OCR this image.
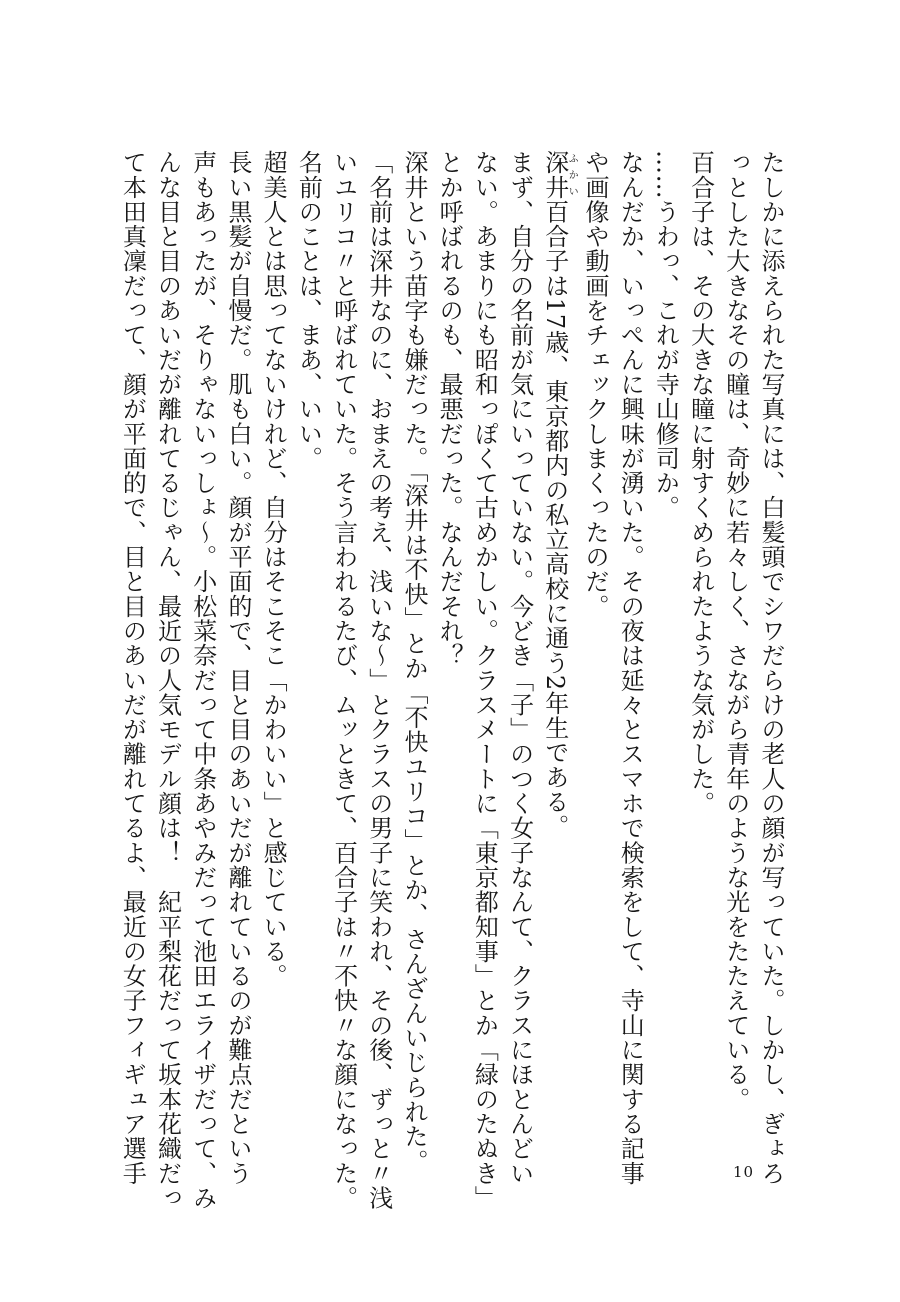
たしかに添えられた写真には、白髪頭でシワだらけの老人の顔が写っていた。しかし、ぎょろ
っとした大きなその瞳は、奇妙に若々しく、さながら青年のような光をたたえている。
百合子は、その大きな瞳に射すくめられたような気がした。
……うわっ、これが寺山修司か。
なんだか、いっぺんに興味が湧いた。その夜は延々とスマホで検索をして、寺山に関する記事
や画像や動画をチェックしまくったのだ。
深井ふかい百合子は17歳、東京都内の私立高校に通う2年生である。
まず、自分の名前が気にいっていない。今どき「子」のつく女子なんて、クラスにほとんどい
ない。あまりにも昭和っぽくて古めかしい。クラスメートに「東京都知事」とか「緑のたぬき」
とか呼ばれるのも、最悪だった。なんだそれ？
深井という苗字も嫌だった。「深井は不快」とか「不快ユリコ」とか、さんざんいじられた。
「名前は深井なのに、おまえの考え、浅いな〜」とクラスの男子に笑われ、その後、ずっと〃浅
いユリコ〃と呼ばれていた。そう言われるたび、ムッときて、百合子は〃不快〃な顔になった。
名前のことは、まあ、いい。
超美人とは思ってないけれど、自分はそこそこ「かわいい」と感じている。
長い黒髪が自慢だ。肌も白い。顔が平面的で、目と目のあいだが離れているのが難点だという
声もあったが、そりゃないっしょ〜。小松菜奈だって中条あやみだって池田エライザだって、み
んな目と目のあいだが離れてるじゃん、最近の人気モデル顔は！　紀平梨花だって坂本花織だっ
て本田真凜だって、顔が平面的で、目と目のあいだが離れてるよ、最近の女子フィギュア選手	10
